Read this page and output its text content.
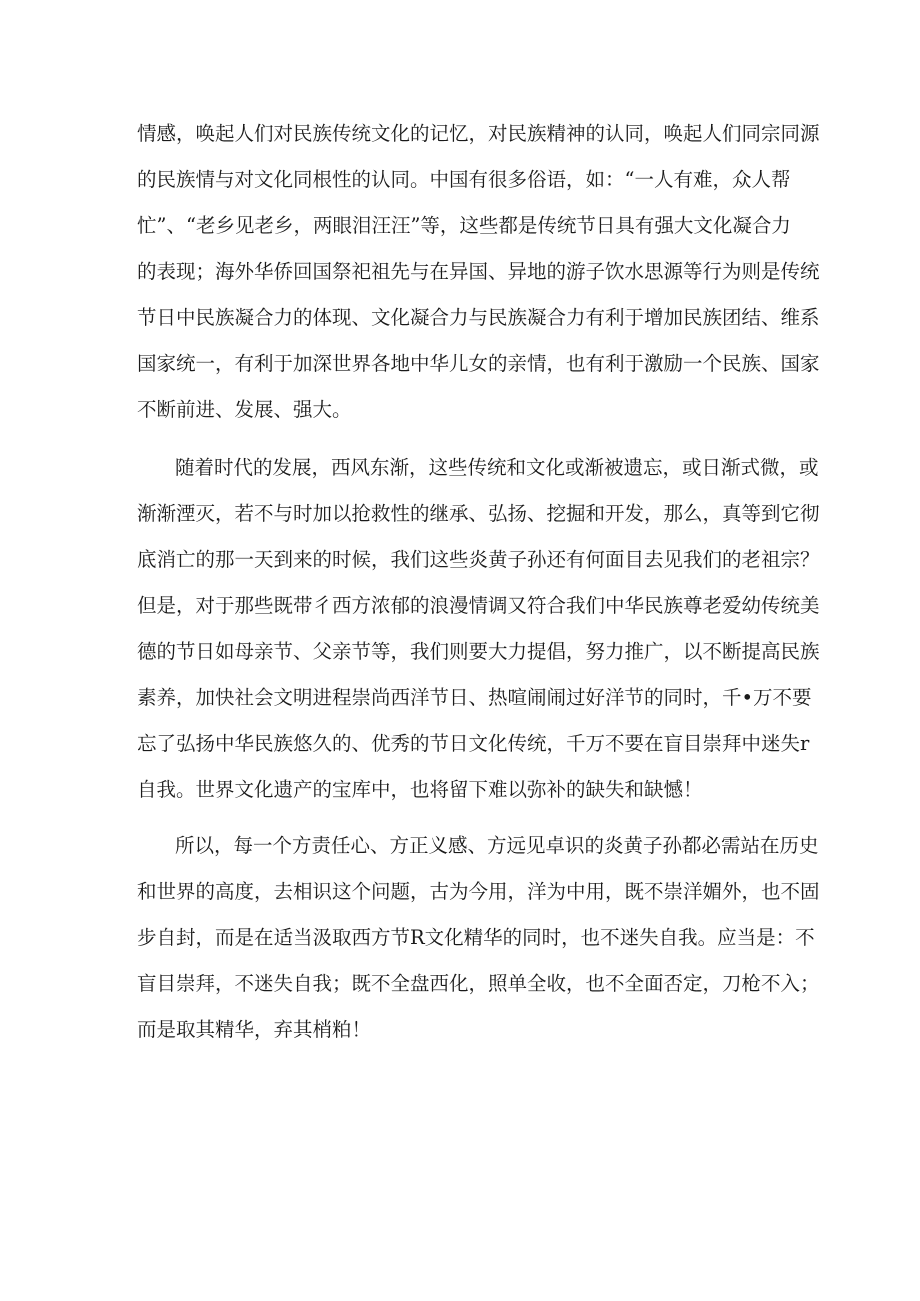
情感，唤起人们对民族传统文化的记忆，对民族精神的认同，唤起人们同宗同源
的民族情与对文化同根性的认同。中国有很多俗语，如：“一人有难，众人帮
忙”、“老乡见老乡，两眼泪汪汪”等，这些都是传统节日具有强大文化凝合力
的表现；海外华侨回国祭祀祖先与在异国、异地的游子饮水思源等行为则是传统
节日中民族凝合力的体现、文化凝合力与民族凝合力有利于增加民族团结、维系
国家统一，有利于加深世界各地中华儿女的亲情，也有利于激励一个民族、国家
不断前进、发展、强大。
随着时代的发展，西风东渐，这些传统和文化或渐被遗忘，或日渐式微，或
渐渐湮灭，若不与时加以抢救性的继承、弘扬、挖掘和开发，那么，真等到它彻
底消亡的那一天到来的时候，我们这些炎黄子孙还有何面目去见我们的老祖宗？
但是，对于那些既带彳西方浓郁的浪漫情调又符合我们中华民族尊老爱幼传统美
德的节日如母亲节、父亲节等，我们则要大力提倡，努力推广，以不断提高民族
素养，加快社会文明进程崇尚西洋节日、热喧闹闹过好洋节的同时，千•万不要
忘了弘扬中华民族悠久的、优秀的节日文化传统，千万不要在盲目崇拜中迷失r
自我。世界文化遗产的宝库中，也将留下难以弥补的缺失和缺憾！
所以，每一个方责任心、方正义感、方远见卓识的炎黄子孙都必需站在历史
和世界的高度，去相识这个问题，古为今用，洋为中用，既不崇洋媚外，也不固
步自封，而是在适当汲取西方节R文化精华的同时，也不迷失自我。应当是：不
盲目崇拜，不迷失自我；既不全盘西化，照单全收，也不全面否定，刀枪不入；
而是取其精华，弃其梢粕！
